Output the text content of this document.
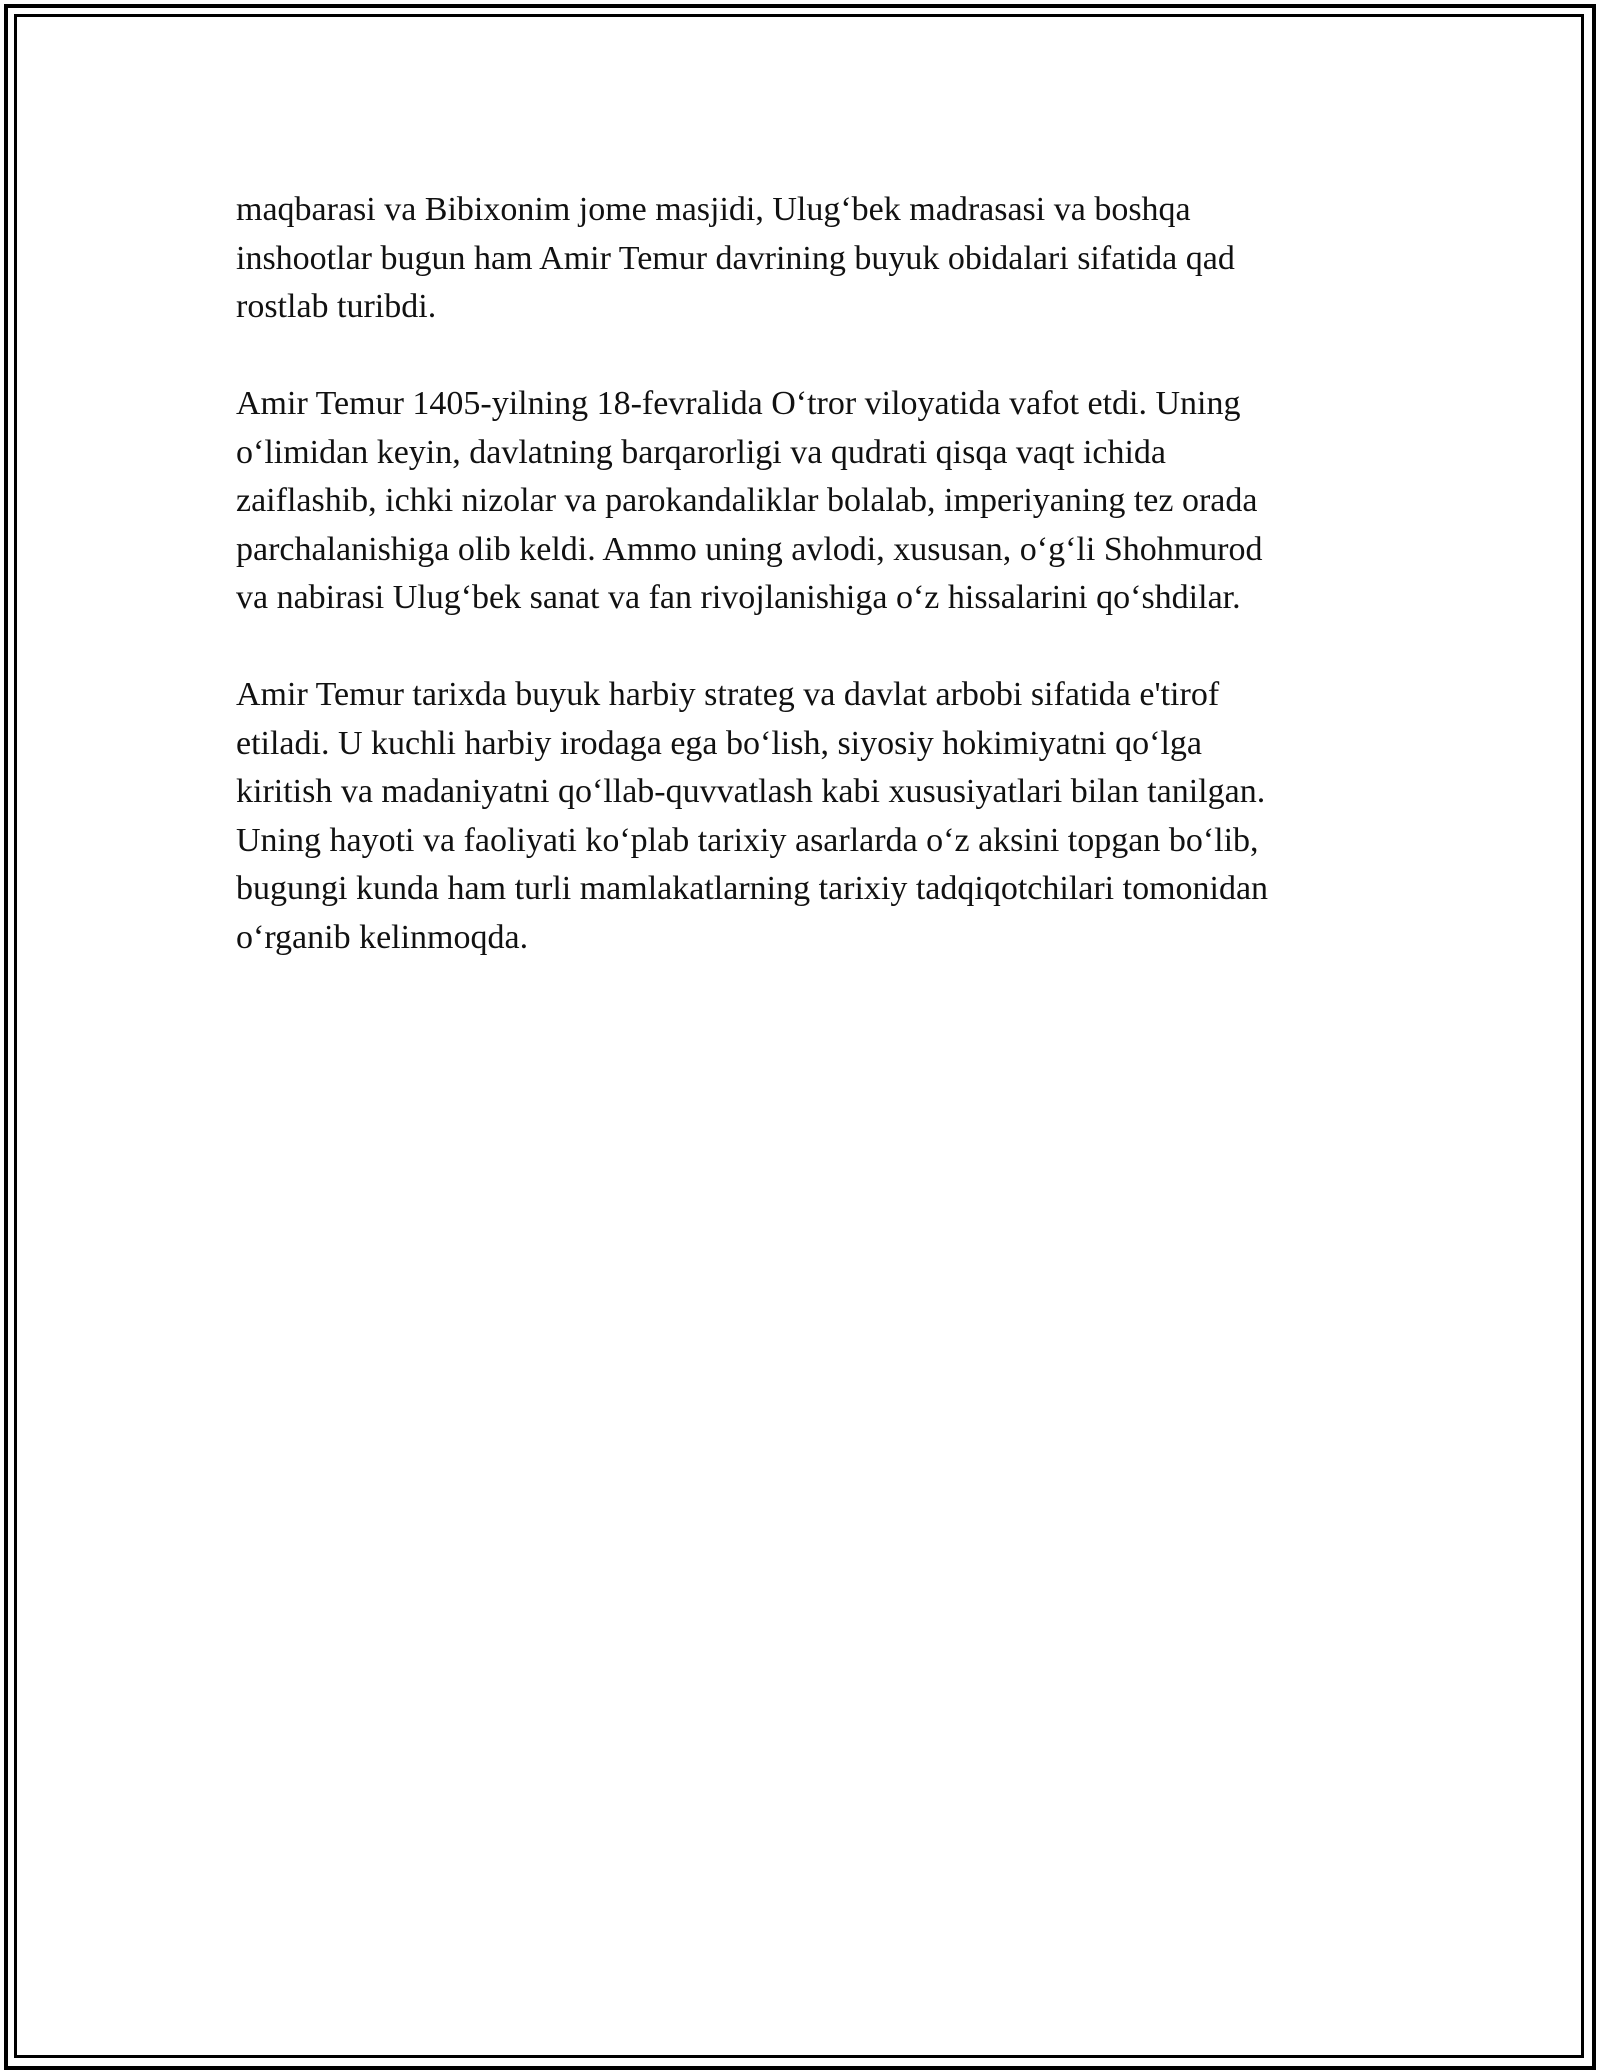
maqbarasi va Bibixonim jome masjidi, Ulug‘bek madrasasi va boshqa
inshootlar bugun ham Amir Temur davrining buyuk obidalari sifatida qad
rostlab turibdi.

Amir Temur 1405-yilning 18-fevralida O‘tror viloyatida vafot etdi. Uning
o‘limidan keyin, davlatning barqarorligi va qudrati qisqa vaqt ichida
zaiflashib, ichki nizolar va parokandaliklar bolalab, imperiyaning tez orada
parchalanishiga olib keldi. Ammo uning avlodi, xususan, o‘g‘li Shohmurod
va nabirasi Ulug‘bek sanat va fan rivojlanishiga o‘z hissalarini qo‘shdilar.

Amir Temur tarixda buyuk harbiy strateg va davlat arbobi sifatida e'tirof
etiladi. U kuchli harbiy irodaga ega bo‘lish, siyosiy hokimiyatni qo‘lga
kiritish va madaniyatni qo‘llab-quvvatlash kabi xususiyatlari bilan tanilgan.
Uning hayoti va faoliyati ko‘plab tarixiy asarlarda o‘z aksini topgan bo‘lib,
bugungi kunda ham turli mamlakatlarning tarixiy tadqiqotchilari tomonidan
o‘rganib kelinmoqda.
